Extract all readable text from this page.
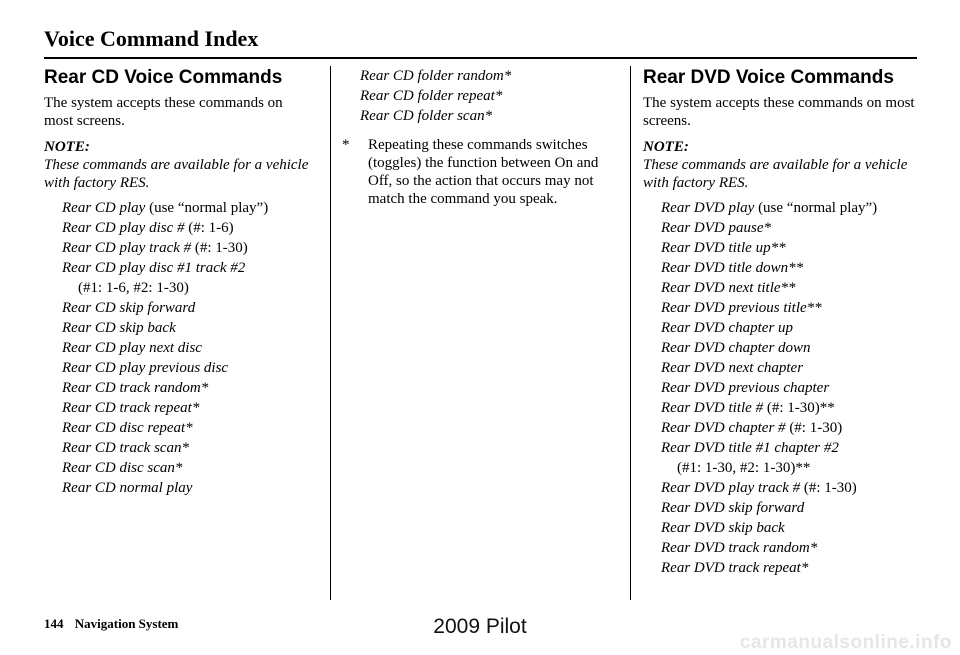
Voice Command Index
Rear CD Voice Commands
The system accepts these commands on most screens.
NOTE:
These commands are available for a vehicle with factory RES.
Rear CD play (use “normal play”)
Rear CD play disc # (#: 1-6)
Rear CD play track # (#: 1-30)
Rear CD play disc #1 track #2
(#1: 1-6, #2: 1-30)
Rear CD skip forward
Rear CD skip back
Rear CD play next disc
Rear CD play previous disc
Rear CD track random*
Rear CD track repeat*
Rear CD disc repeat*
Rear CD track scan*
Rear CD disc scan*
Rear CD normal play
Rear CD folder random*
Rear CD folder repeat*
Rear CD folder scan*
*	Repeating these commands switches (toggles) the function between On and Off, so the action that occurs may not match the command you speak.
Rear DVD Voice Commands
The system accepts these commands on most screens.
NOTE:
These commands are available for a vehicle with factory RES.
Rear DVD play (use “normal play”)
Rear DVD pause*
Rear DVD title up**
Rear DVD title down**
Rear DVD next title**
Rear DVD previous title**
Rear DVD chapter up
Rear DVD chapter down
Rear DVD next chapter
Rear DVD previous chapter
Rear DVD title # (#: 1-30)**
Rear DVD chapter # (#: 1-30)
Rear DVD title #1 chapter #2
(#1: 1-30, #2: 1-30)**
Rear DVD play track # (#: 1-30)
Rear DVD skip forward
Rear DVD skip back
Rear DVD track random*
Rear DVD track repeat*
144 Navigation System	2009 Pilot
carmanualsonline.info
